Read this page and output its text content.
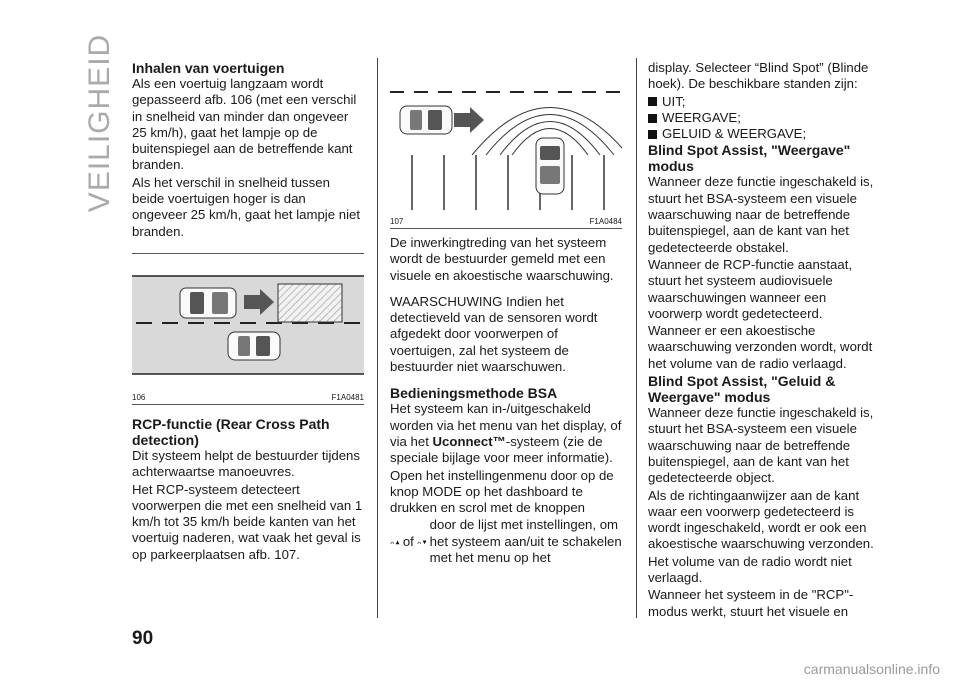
VEILIGHEID
90
Inhalen van voertuigen

Als een voertuig langzaam wordt gepasseerd afb. 106 (met een verschil in snelheid van minder dan ongeveer 25 km/h), gaat het lampje op de buitenspiegel aan de betreffende kant branden.

Als het verschil in snelheid tussen beide voertuigen hoger is dan ongeveer 25 km/h, gaat het lampje niet branden.

106	F1A0481
RCP-functie (Rear Cross Path detection)

Dit systeem helpt de bestuurder tijdens achterwaartse manoeuvres.

Het RCP-systeem detecteert voorwerpen die met een snelheid van 1 km/h tot 35 km/h beide kanten van het voertuig naderen, wat vaak het geval is op parkeerplaatsen afb. 107.

107	F1A0484

De inwerkingtreding van het systeem wordt de bestuurder gemeld met een visuele en akoestische waarschuwing.

WAARSCHUWING Indien het detectieveld van de sensoren wordt afgedekt door voorwerpen of voertuigen, zal het systeem de bestuurder niet waarschuwen.

Bedieningsmethode BSA

Het systeem kan in-/uitgeschakeld worden via het menu van het display, of via het Uconnect™-systeem (zie de speciale bijlage voor meer informatie).

Open het instellingenmenu door op de knop MODE op het dashboard te drukken en scrol met de knoppen

of
door de lijst met instellingen, om het systeem aan/uit te schakelen met het menu op het

display. Selecteer “Blind Spot” (Blinde hoek). De beschikbare standen zijn:

UIT;
WEERGAVE;
GELUID & WEERGAVE;
Blind Spot Assist, "Weergave" modus

Wanneer deze functie ingeschakeld is, stuurt het BSA-systeem een visuele waarschuwing naar de betreffende buitenspiegel, aan de kant van het gedetecteerde obstakel.

Wanneer de RCP-functie aanstaat, stuurt het systeem audiovisuele waarschuwingen wanneer een voorwerp wordt gedetecteerd.

Wanneer er een akoestische waarschuwing verzonden wordt, wordt het volume van de radio verlaagd.

Blind Spot Assist, "Geluid & Weergave" modus

Wanneer deze functie ingeschakeld is, stuurt het BSA-systeem een visuele waarschuwing naar de betreffende buitenspiegel, aan de kant van het gedetecteerde object.

Als de richtingaanwijzer aan de kant waar een voorwerp gedetecteerd is wordt ingeschakeld, wordt er ook een akoestische waarschuwing verzonden.

Het volume van de radio wordt niet verlaagd.

Wanneer het systeem in de "RCP"-modus werkt, stuurt het visuele en

carmanualsonline.info
